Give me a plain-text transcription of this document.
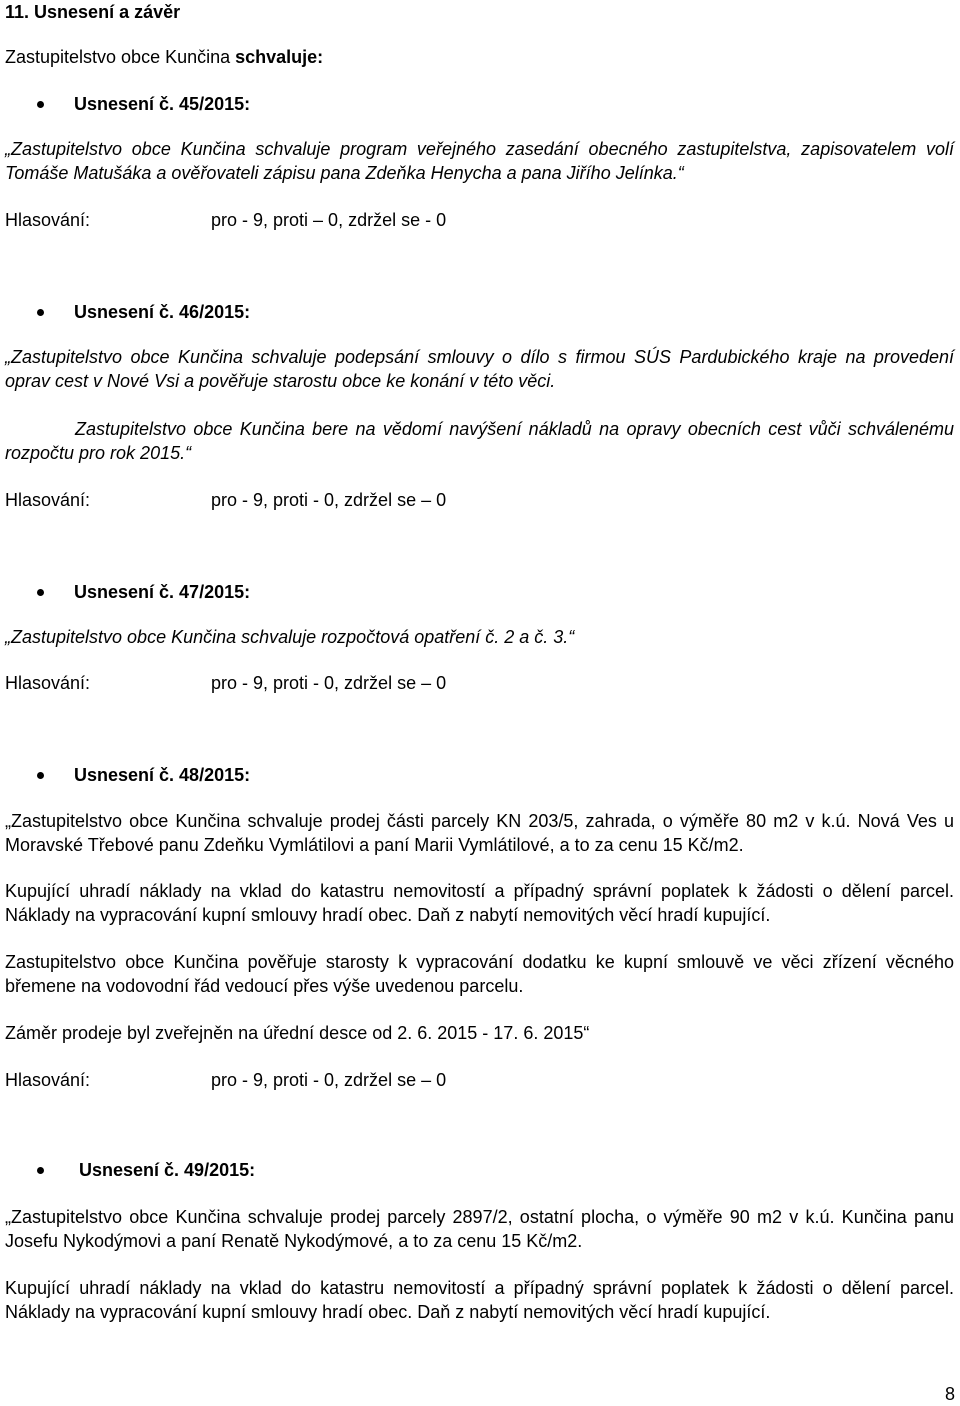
11. Usnesení a závěr
Zastupitelstvo obce Kunčina schvaluje:
Usnesení č. 45/2015:

„Zastupitelstvo obce Kunčina schvaluje program veřejného zasedání obecného zastupitelstva, zapisovatelem volí Tomáše Matušáka a ověřovateli zápisu pana Zdeňka Henycha a pana Jiřího Jelínka.“

Hlasování:	pro - 9, proti – 0, zdržel se - 0
Usnesení č. 46/2015:

„Zastupitelstvo obce Kunčina schvaluje podepsání smlouvy o dílo s firmou SÚS Pardubického kraje na provedení oprav cest v Nové Vsi a pověřuje starostu obce ke konání v této věci.

Zastupitelstvo obce Kunčina bere na vědomí navýšení nákladů na opravy obecních cest vůči schválenému rozpočtu pro rok 2015.“

Hlasování:	pro - 9, proti - 0, zdržel se – 0
Usnesení č. 47/2015:

„Zastupitelstvo obce Kunčina schvaluje rozpočtová opatření č. 2 a č. 3.“

Hlasování:	pro - 9, proti - 0, zdržel se – 0
Usnesení č. 48/2015:

„Zastupitelstvo obce Kunčina schvaluje prodej části parcely KN 203/5, zahrada, o výměře 80 m2 v k.ú. Nová Ves u Moravské Třebové panu Zdeňku Vymlátilovi a paní Marii Vymlátilové, a to za cenu 15 Kč/m2.

Kupující uhradí náklady na vklad do katastru nemovitostí a případný správní poplatek k žádosti o dělení parcel. Náklady na vypracování kupní smlouvy hradí obec. Daň z nabytí nemovitých věcí hradí kupující.

Zastupitelstvo obce Kunčina pověřuje starosty k vypracování dodatku ke kupní smlouvě ve věci zřízení věcného břemene na vodovodní řád vedoucí přes výše uvedenou parcelu.

Záměr prodeje byl zveřejněn na úřední desce od 2. 6. 2015 - 17. 6. 2015“

Hlasování:	pro - 9, proti - 0, zdržel se – 0
Usnesení č. 49/2015:

„Zastupitelstvo obce Kunčina schvaluje prodej parcely 2897/2, ostatní plocha, o výměře 90 m2 v k.ú. Kunčina panu Josefu Nykodýmovi a paní Renatě Nykodýmové, a to za cenu 15 Kč/m2.

Kupující uhradí náklady na vklad do katastru nemovitostí a případný správní poplatek k žádosti o dělení parcel. Náklady na vypracování kupní smlouvy hradí obec. Daň z nabytí nemovitých věcí hradí kupující.

8
